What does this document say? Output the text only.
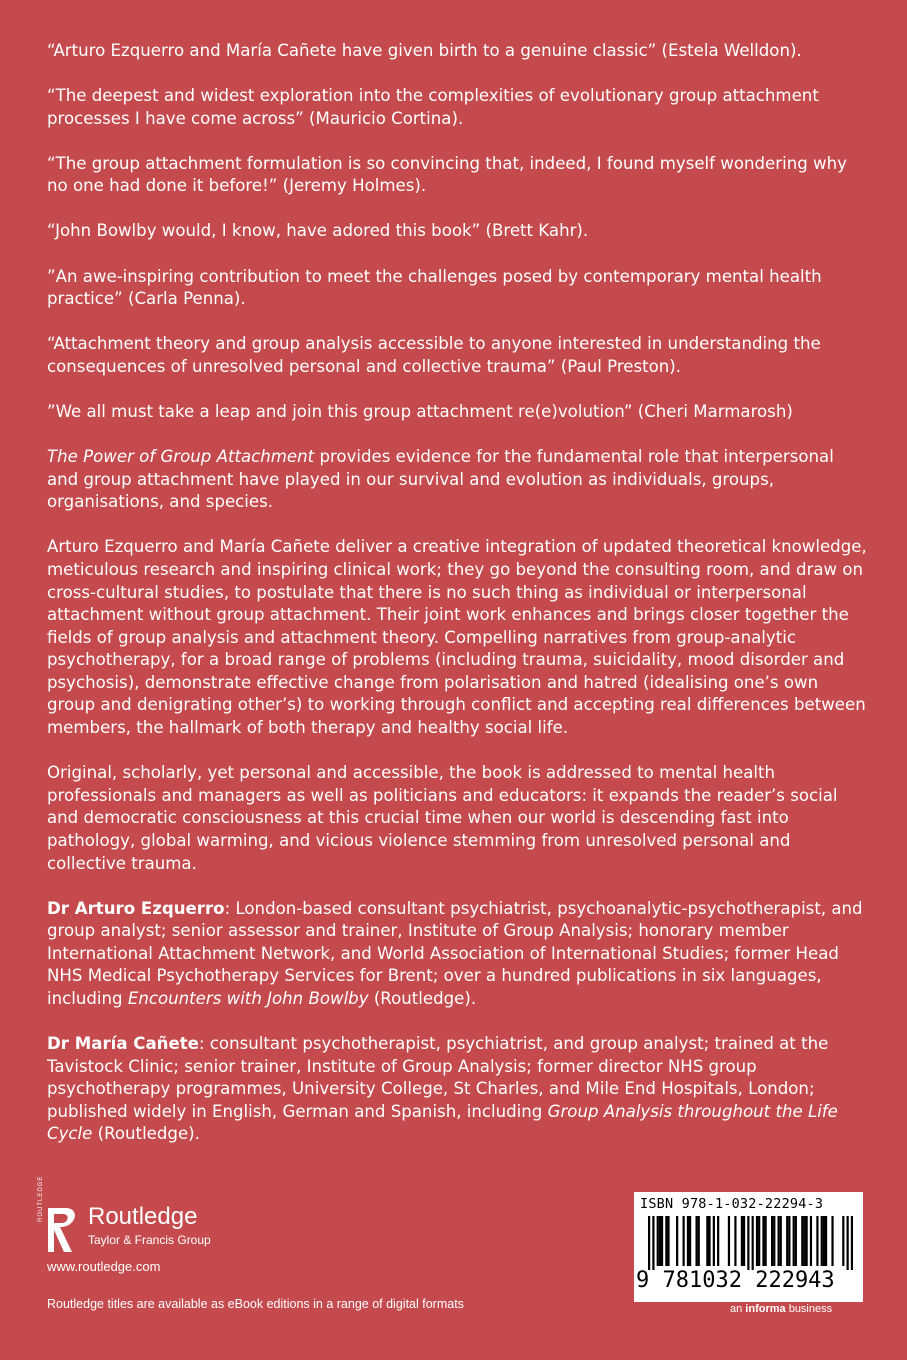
“Arturo Ezquerro and María Cañete have given birth to a genuine classic” (Estela Welldon).

“The deepest and widest exploration into the complexities of evolutionary group attachment processes I have come across” (Mauricio Cortina).

“The group attachment formulation is so convincing that, indeed, I found myself wondering why no one had done it before!” (Jeremy Holmes).

“John Bowlby would, I know, have adored this book” (Brett Kahr).

”An awe-inspiring contribution to meet the challenges posed by contemporary mental health practice” (Carla Penna).

“Attachment theory and group analysis accessible to anyone interested in understanding the consequences of unresolved personal and collective trauma” (Paul Preston).

”We all must take a leap and join this group attachment re(e)volution” (Cheri Marmarosh)

The Power of Group Attachment provides evidence for the fundamental role that interpersonal and group attachment have played in our survival and evolution as individuals, groups, organisations, and species.

Arturo Ezquerro and María Cañete deliver a creative integration of updated theoretical knowledge, meticulous research and inspiring clinical work; they go beyond the consulting room, and draw on cross-cultural studies, to postulate that there is no such thing as individual or interpersonal attachment without group attachment. Their joint work enhances and brings closer together the fields of group analysis and attachment theory. Compelling narratives from group-analytic psychotherapy, for a broad range of problems (including trauma, suicidality, mood disorder and psychosis), demonstrate effective change from polarisation and hatred (idealising one’s own group and denigrating other’s) to working through conflict and accepting real differences between members, the hallmark of both therapy and healthy social life.

Original, scholarly, yet personal and accessible, the book is addressed to mental health professionals and managers as well as politicians and educators: it expands the reader’s social and democratic consciousness at this crucial time when our world is descending fast into pathology, global warming, and vicious violence stemming from unresolved personal and collective trauma.

Dr Arturo Ezquerro: London-based consultant psychiatrist, psychoanalytic-psychotherapist, and group analyst; senior assessor and trainer, Institute of Group Analysis; honorary member International Attachment Network, and World Association of International Studies; former Head NHS Medical Psychotherapy Services for Brent; over a hundred publications in six languages, including Encounters with John Bowlby (Routledge).

Dr María Cañete: consultant psychotherapist, psychiatrist, and group analyst; trained at the Tavistock Clinic; senior trainer, Institute of Group Analysis; former director NHS group psychotherapy programmes, University College, St Charles, and Mile End Hospitals, London; published widely in English, German and Spanish, including Group Analysis throughout the Life Cycle (Routledge).

ROUTLEDGE Routledge
Taylor & Francis Group
www.routledge.com
Routledge titles are available as eBook editions in a range of digital formats
ISBN 978-1-032-22294-3
9 781032 222943
an informa business
